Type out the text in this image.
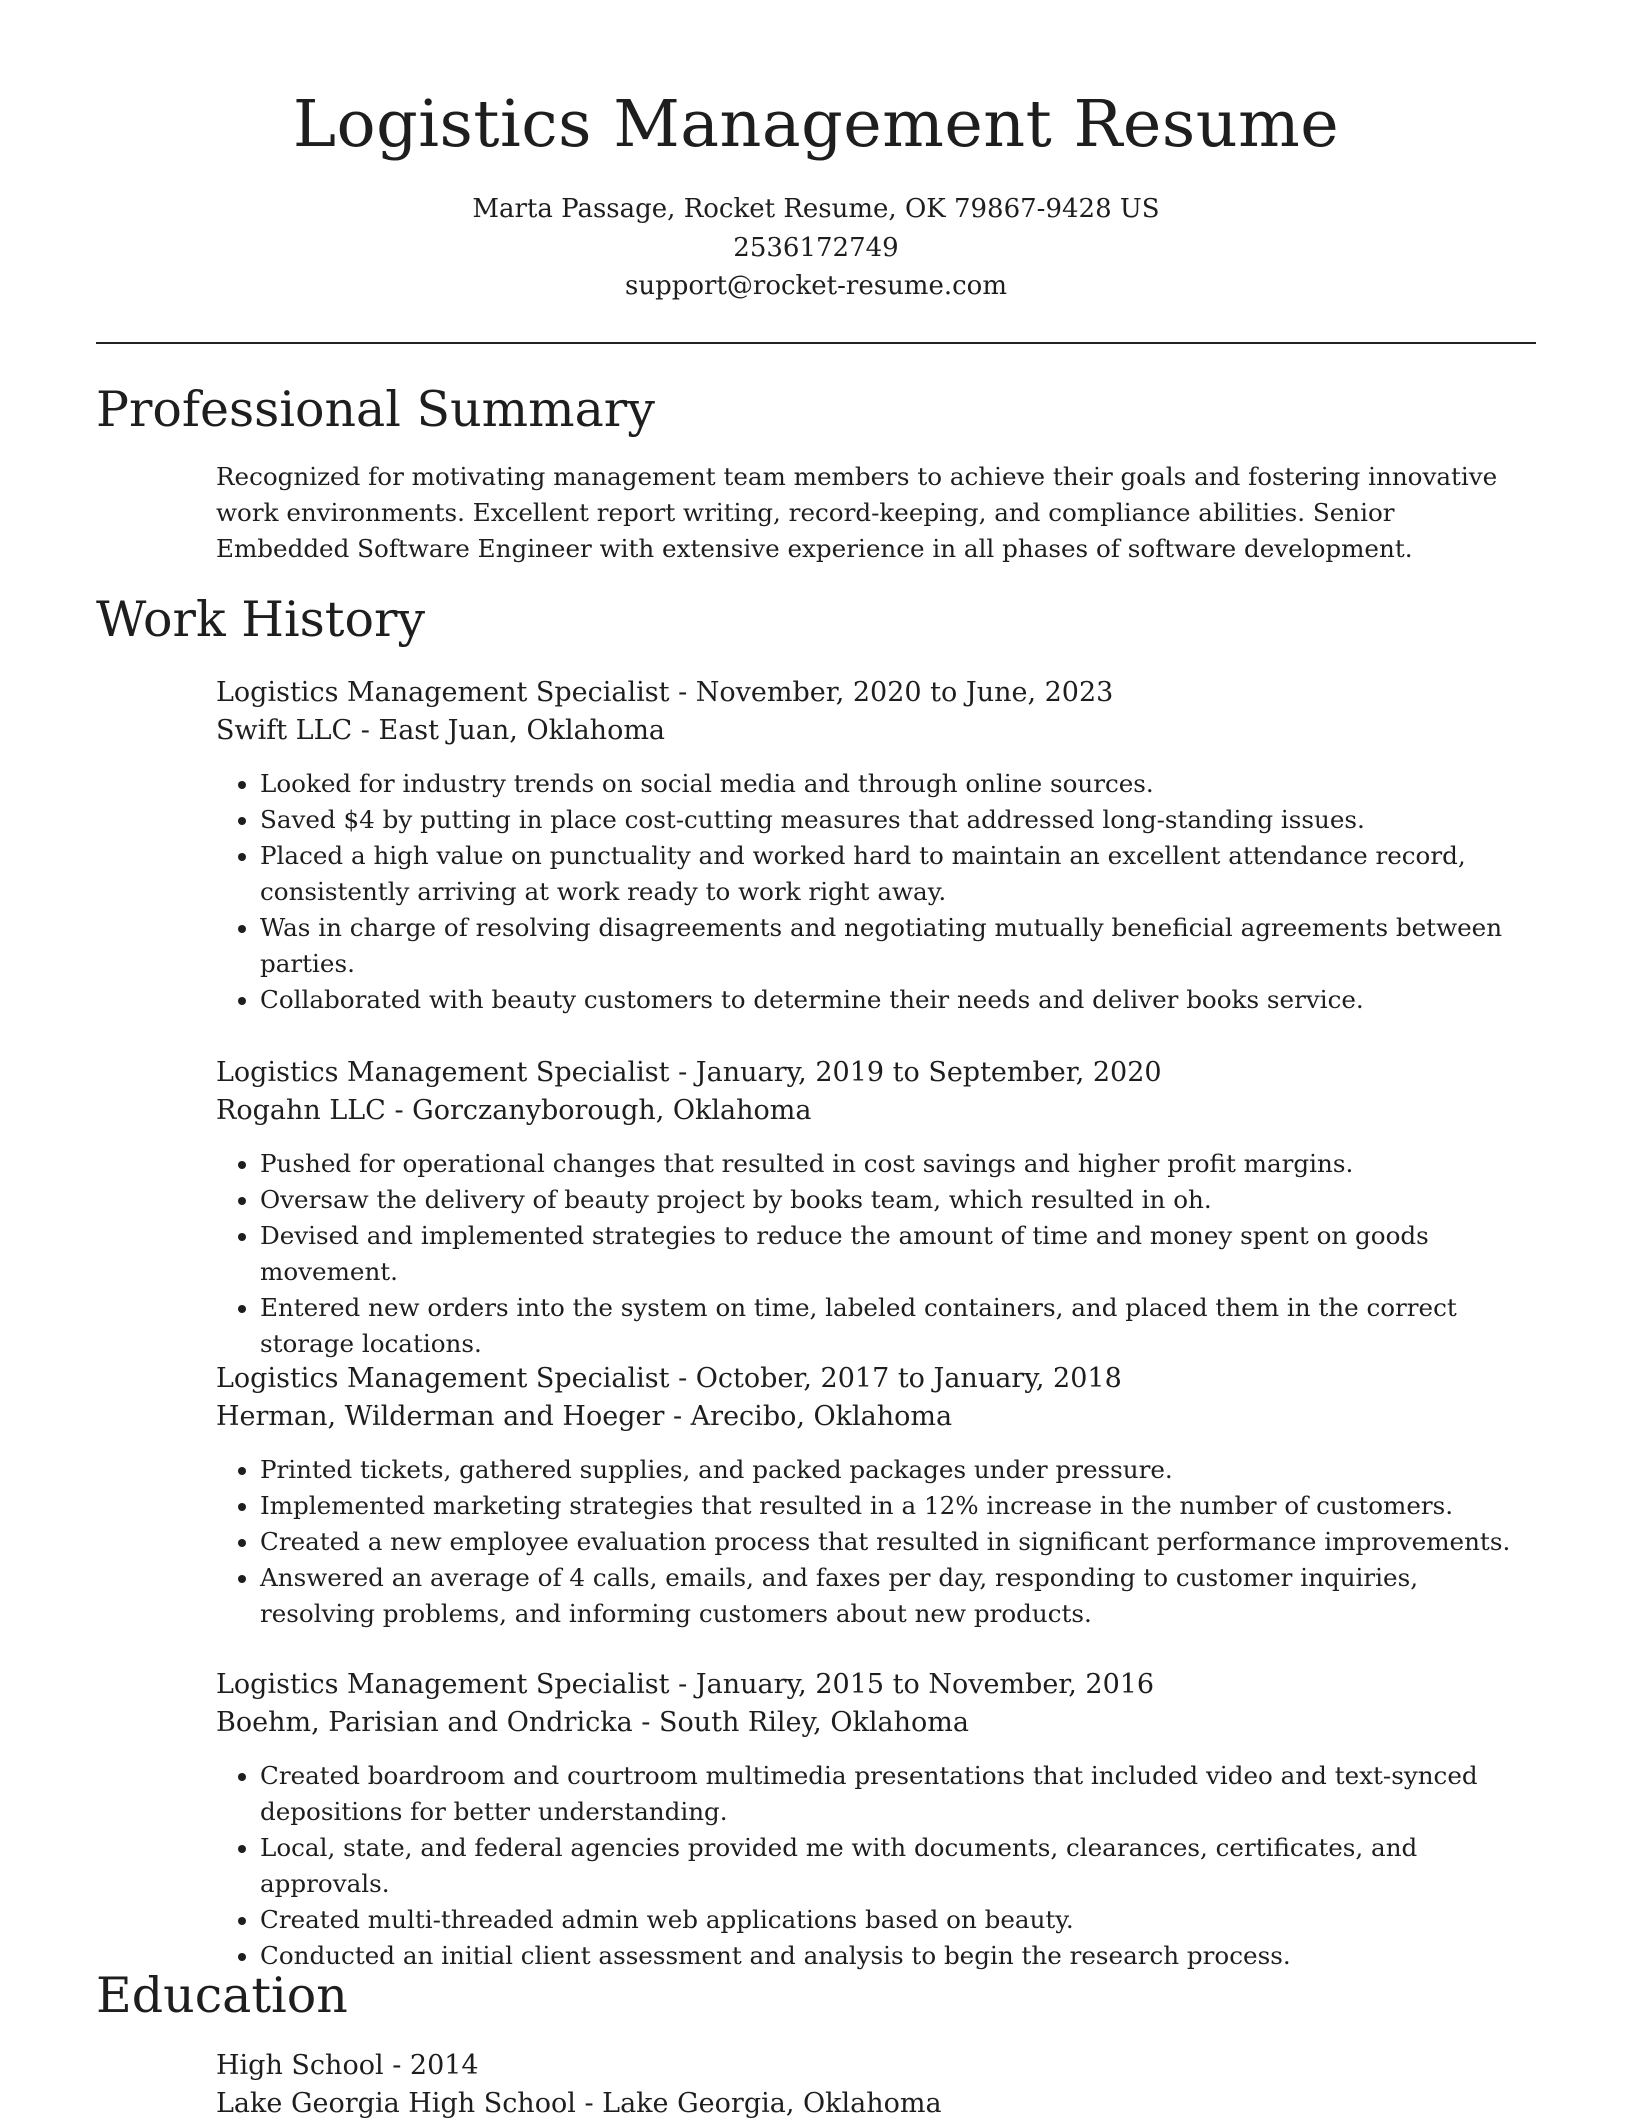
Logistics Management Resume
Marta Passage, Rocket Resume, OK 79867-9428 US
2536172749
support@rocket-resume.com
Professional Summary

Recognized for motivating management team members to achieve their goals and fostering innovative work environments. Excellent report writing, record-keeping, and compliance abilities. Senior Embedded Software Engineer with extensive experience in all phases of software development.

Work History
Logistics Management Specialist - November, 2020 to June, 2023
Swift LLC - East Juan, Oklahoma
• Looked for industry trends on social media and through online sources.
• Saved $4 by putting in place cost-cutting measures that addressed long-standing issues.
• Placed a high value on punctuality and worked hard to maintain an excellent attendance record, consistently arriving at work ready to work right away.
• Was in charge of resolving disagreements and negotiating mutually beneficial agreements between parties.
• Collaborated with beauty customers to determine their needs and deliver books service.
Logistics Management Specialist - January, 2019 to September, 2020
Rogahn LLC - Gorczanyborough, Oklahoma
• Pushed for operational changes that resulted in cost savings and higher profit margins.
• Oversaw the delivery of beauty project by books team, which resulted in oh.
• Devised and implemented strategies to reduce the amount of time and money spent on goods movement.
• Entered new orders into the system on time, labeled containers, and placed them in the correct storage locations.
Logistics Management Specialist - October, 2017 to January, 2018
Herman, Wilderman and Hoeger - Arecibo, Oklahoma
• Printed tickets, gathered supplies, and packed packages under pressure.
• Implemented marketing strategies that resulted in a 12% increase in the number of customers.
• Created a new employee evaluation process that resulted in significant performance improvements.
• Answered an average of 4 calls, emails, and faxes per day, responding to customer inquiries, resolving problems, and informing customers about new products.
Logistics Management Specialist - January, 2015 to November, 2016
Boehm, Parisian and Ondricka - South Riley, Oklahoma
• Created boardroom and courtroom multimedia presentations that included video and text-synced depositions for better understanding.
• Local, state, and federal agencies provided me with documents, clearances, certificates, and approvals.
• Created multi-threaded admin web applications based on beauty.
• Conducted an initial client assessment and analysis to begin the research process.
Education
High School - 2014
Lake Georgia High School - Lake Georgia, Oklahoma
